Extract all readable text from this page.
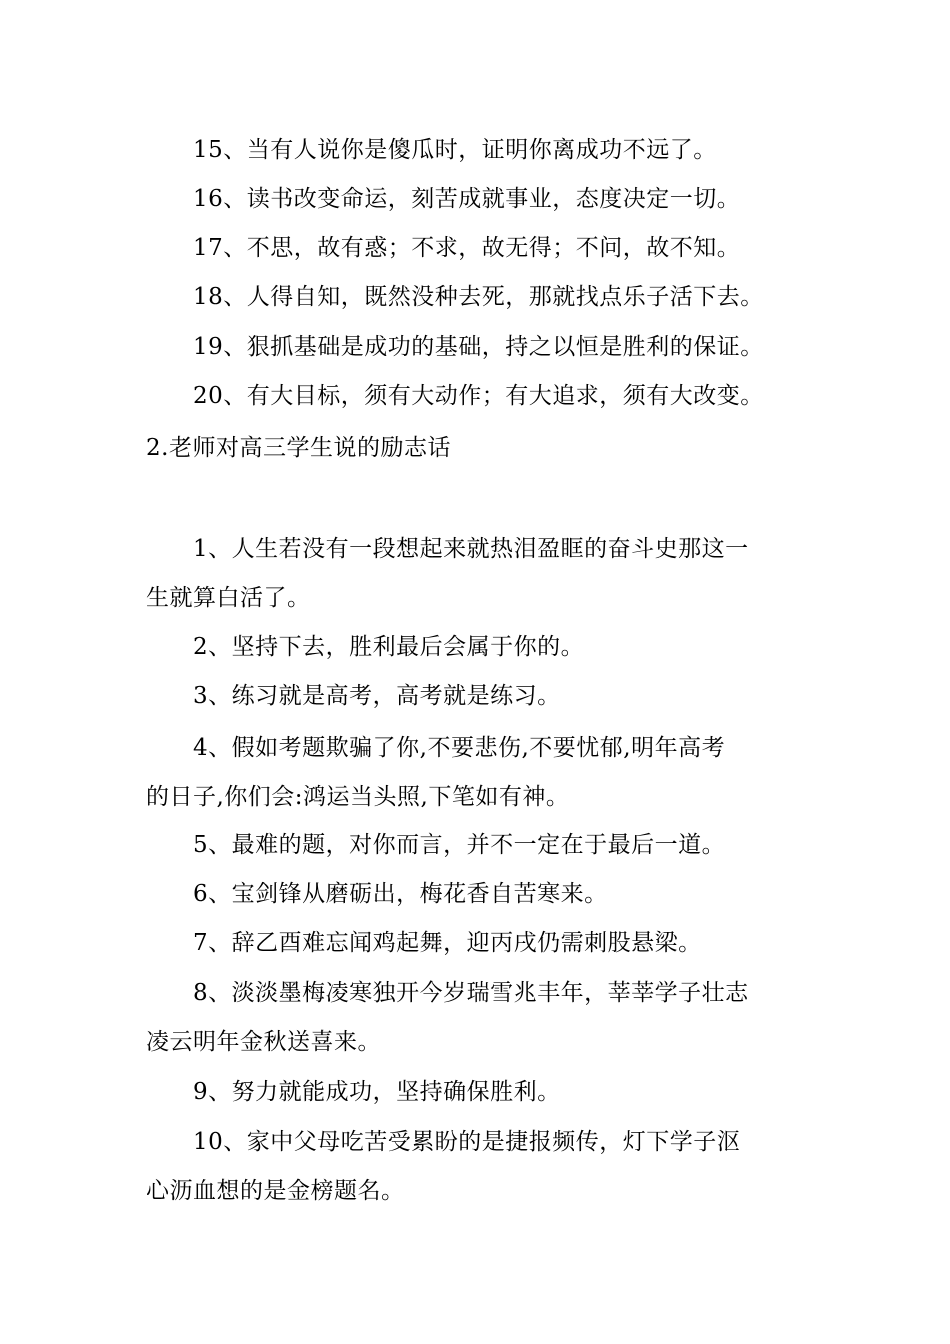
15、当有人说你是傻瓜时，证明你离成功不远了。
16、读书改变命运，刻苦成就事业，态度决定一切。
17、不思，故有惑；不求，故无得；不问，故不知。
18、人得自知，既然没种去死，那就找点乐子活下去。
19、狠抓基础是成功的基础，持之以恒是胜利的保证。
20、有大目标，须有大动作；有大追求，须有大改变。
2.老师对高三学生说的励志话
1、人生若没有一段想起来就热泪盈眶的奋斗史那这一
生就算白活了。
2、坚持下去，胜利最后会属于你的。
3、练习就是高考，高考就是练习。
4、假如考题欺骗了你,不要悲伤,不要忧郁,明年高考
的日子,你们会:鸿运当头照,下笔如有神。
5、最难的题，对你而言，并不一定在于最后一道。
6、宝剑锋从磨砺出，梅花香自苦寒来。
7、辞乙酉难忘闻鸡起舞，迎丙戌仍需刺股悬梁。
8、淡淡墨梅凌寒独开今岁瑞雪兆丰年，莘莘学子壮志
凌云明年金秋送喜来。
9、努力就能成功，坚持确保胜利。
10、家中父母吃苦受累盼的是捷报频传，灯下学子沤
心沥血想的是金榜题名。
